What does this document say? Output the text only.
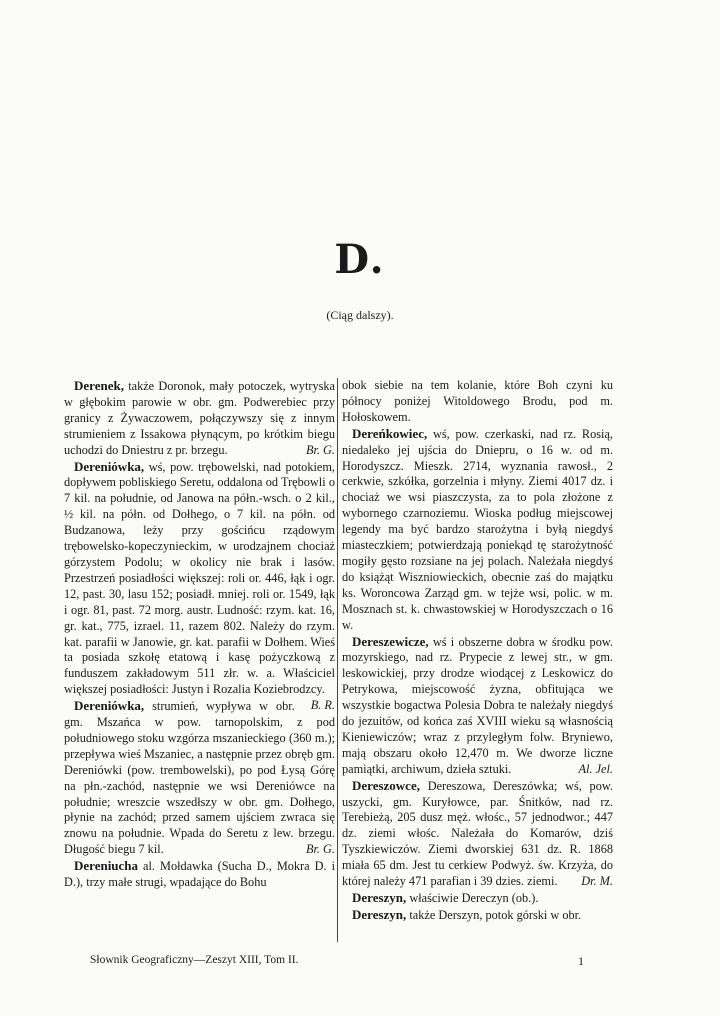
D.
(Ciąg dalszy).

Derenek, także Doronok, mały potoczek, wytryska w głębokim parowie w obr. gm. Podwerebiec przy granicy z Żywaczowem, połączywszy się z innym strumieniem z Issakowa płynącym, po krótkim biegu uchodzi do Dniestru z pr. brzegu.	Br. G.

Dereniówka, wś, pow. trębowelski, nad potokiem, dopływem pobliskiego Seretu, oddalona od Trębowli o 7 kil. na południe, od Janowa na półn.-wsch. o 2 kil., ½ kil. na półn. od Dołhego, o 7 kil. na półn. od Budzanowa, leży przy gościńcu rządowym trębowelsko-kopeczynieckim, w urodzajnem chociaż górzystem Podolu; w okolicy nie brak i lasów. Przestrzeń posiadłości większej: roli or. 446, łąk i ogr. 12, past. 30, lasu 152; posiadł. mniej. roli or. 1549, łąk i ogr. 81, past. 72 morg. austr. Ludność: rzym. kat. 16, gr. kat., 775, izrael. 11, razem 802. Należy do rzym. kat. parafii w Janowie, gr. kat. parafii w Dołhem. Wieś ta posiada szkołę etatową i kasę pożyczkową z funduszem zakładowym 511 złr. w. a. Właściciel większej posiadłości: Justyn i Rozalia Koziebrodzcy.
B. R.

Dereniówka, strumień, wypływa w obr. gm. Mszańca w pow. tarnopolskim, z pod południowego stoku wzgórza mszanieckiego (360 m.); przepływa wieś Mszaniec, a następnie przez obręb gm. Dereniówki (pow. trembowelski), po pod Łysą Górę na płn.-zachód, następnie we wsi Dereniówce na południe; wreszcie wszedłszy w obr. gm. Dołhego, płynie na zachód; przed samem ujściem zwraca się znowu na południe. Wpada do Seretu z lew. brzegu. Długość biegu 7 kil.	Br. G.

Dereniucha al. Mołdawka (Sucha D., Mokra D. i D.), trzy małe strugi, wpadające do Bohu

obok siebie na tem kolanie, które Boh czyni ku północy poniżej Witoldowego Brodu, pod m. Hołoskowem.

Dereńkowiec, wś, pow. czerkaski, nad rz. Rosią, niedaleko jej ujścia do Dniepru, o 16 w. od m. Horodyszcz. Mieszk. 2714, wyznania rawosł., 2 cerkwie, szkółka, gorzelnia i młyny. Ziemi 4017 dz. i chociaż we wsi piaszczysta, za to pola złożone z wybornego czarnoziemu. Wioska podług miejscowej legendy ma być bardzo starożytna i byłą niegdyś miasteczkiem; potwierdzają poniekąd tę starożytność mogiły gęsto rozsiane na jej polach. Należała niegdyś do książąt Wiszniowieckich, obecnie zaś do majątku ks. Woroncowa Zarząd gm. w tejże wsi, polic. w m. Mosznach st. k. chwastowskiej w Horodyszczach o 16 w.

Dereszewicze, wś i obszerne dobra w środku pow. mozyrskiego, nad rz. Prypecie z lewej str., w gm. leskowickiej, przy drodze wiodącej z Leskowicz do Petrykowa, miejscowość żyzna, obfitująca we wszystkie bogactwa Polesia Dobra te należały niegdyś do jezuitów, od końca zaś XVIII wieku są własnością Kieniewiczów; wraz z przyległym folw. Bryniewo, mają obszaru około 12,470 m. We dworze liczne pamiątki, archiwum, dzieła sztuki.	Al. Jel.

Dereszowce, Dereszowa, Dereszówka; wś, pow. uszycki, gm. Kuryłowce, par. Śnitków, nad rz. Terebieżą, 205 dusz męż. włośc., 57 jednodwor.; 447 dz. ziemi włośc. Należała do Komarów, dziś Tyszkiewiczów. Ziemi dworskiej 631 dz. R. 1868 miała 65 dm. Jest tu cerkiew Podwyż. św. Krzyża, do której należy 471 parafian i 39 dzies. ziemi.	Dr. M.

Dereszyn, właściwie Dereczyn (ob.).

Dereszyn, także Derszyn, potok górski w obr.

Słownik Geograficzny—Zeszyt XIII, Tom II.	1
